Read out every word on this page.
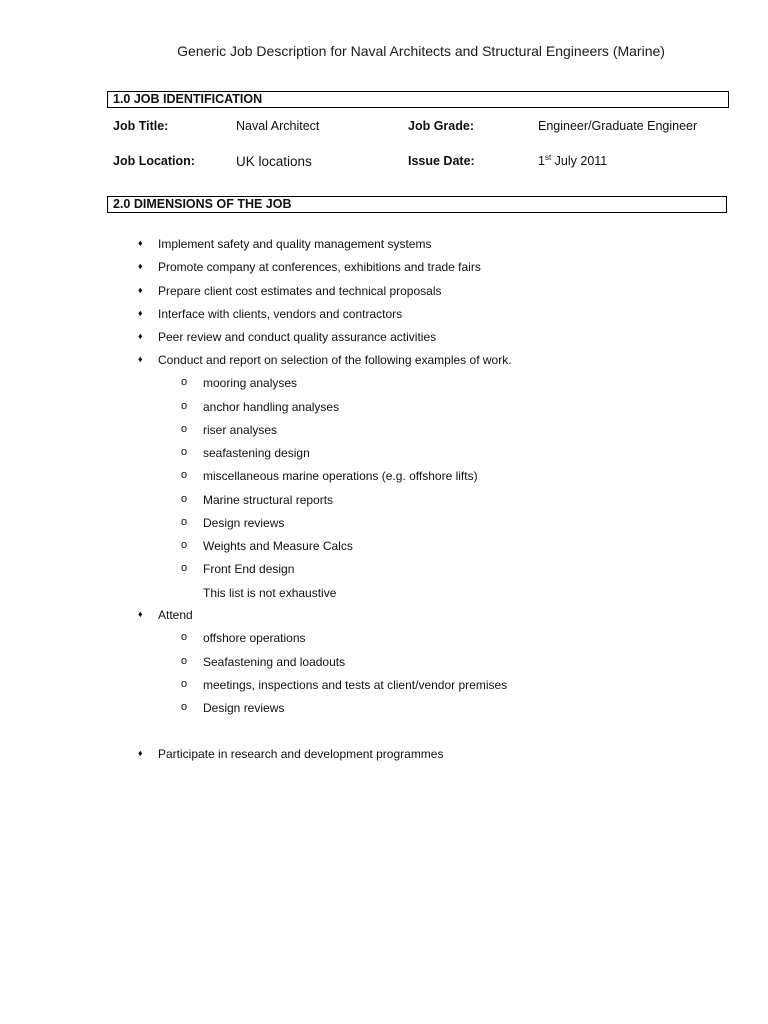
Generic Job Description for Naval Architects and Structural Engineers (Marine)
1.0 JOB IDENTIFICATION
Job Title:	Naval Architect	Job Grade:	Engineer/Graduate Engineer
Job Location:	UK locations	Issue Date:	1st July 2011
2.0 DIMENSIONS OF THE JOB
♦ Implement safety and quality management systems
♦ Promote company at conferences, exhibitions and trade fairs
♦ Prepare client cost estimates and technical proposals
♦ Interface with clients, vendors and contractors
♦ Peer review and conduct quality assurance activities
♦ Conduct and report on selection of the following examples of work.
o mooring analyses
o anchor handling analyses
o riser analyses
o seafastening design
o miscellaneous marine operations (e.g. offshore lifts)
o Marine structural reports
o Design reviews
o Weights and Measure Calcs
o Front End design
This list is not exhaustive
♦ Attend
o offshore operations
o Seafastening and loadouts
o meetings, inspections and tests at client/vendor premises
o Design reviews
♦ Participate in research and development programmes
